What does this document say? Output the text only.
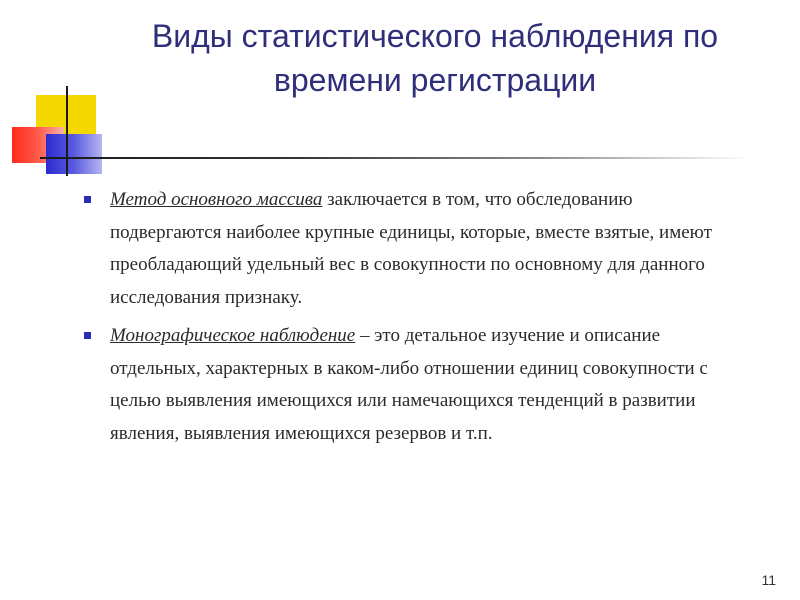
Виды статистического наблюдения по времени регистрации
Метод основного массива заключается в том, что обследованию подвергаются наиболее крупные единицы, которые, вместе взятые, имеют преобладающий удельный вес в совокупности по основному для данного исследования признаку.
Монографическое наблюдение – это детальное изучение и описание отдельных, характерных в каком-либо отношении единиц совокупности с целью выявления имеющихся или намечающихся тенденций в развитии явления, выявления имеющихся резервов и т.п.
11
